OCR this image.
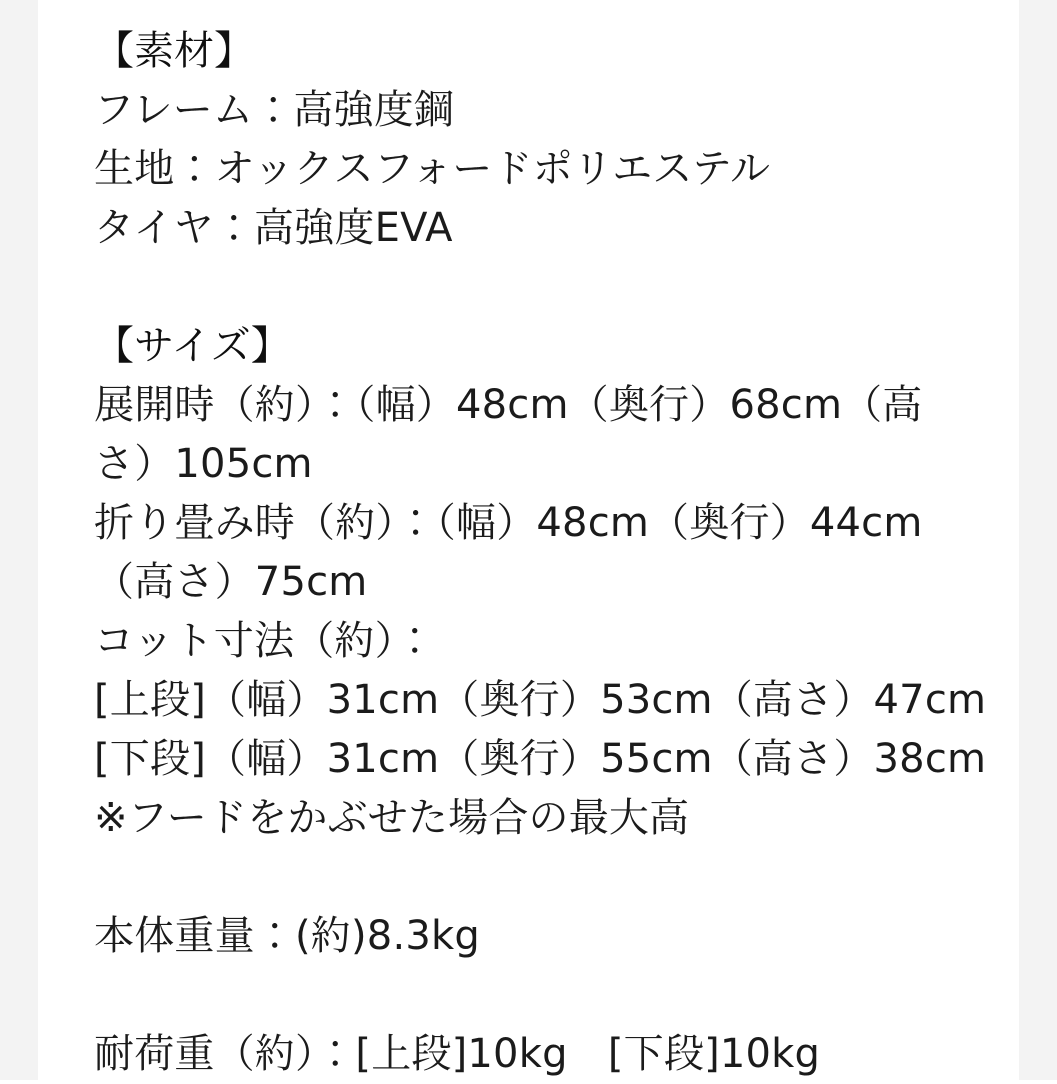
【素材】
フレーム：高強度鋼
生地：オックスフォードポリエステル
タイヤ：高強度EVA
【サイズ】
展開時（約）：（幅）48cm（奥行）68cm（高
さ）105cm
折り畳み時（約）：（幅）48cm（奥行）44cm
（高さ）75cm
コット寸法（約）：
[上段]（幅）31cm（奥行）53cm（高さ）47cm
[下段]（幅）31cm（奥行）55cm（高さ）38cm
※フードをかぶせた場合の最大高
本体重量：(約)8.3kg
耐荷重（約）：[上段]10kg　[下段]10kg
